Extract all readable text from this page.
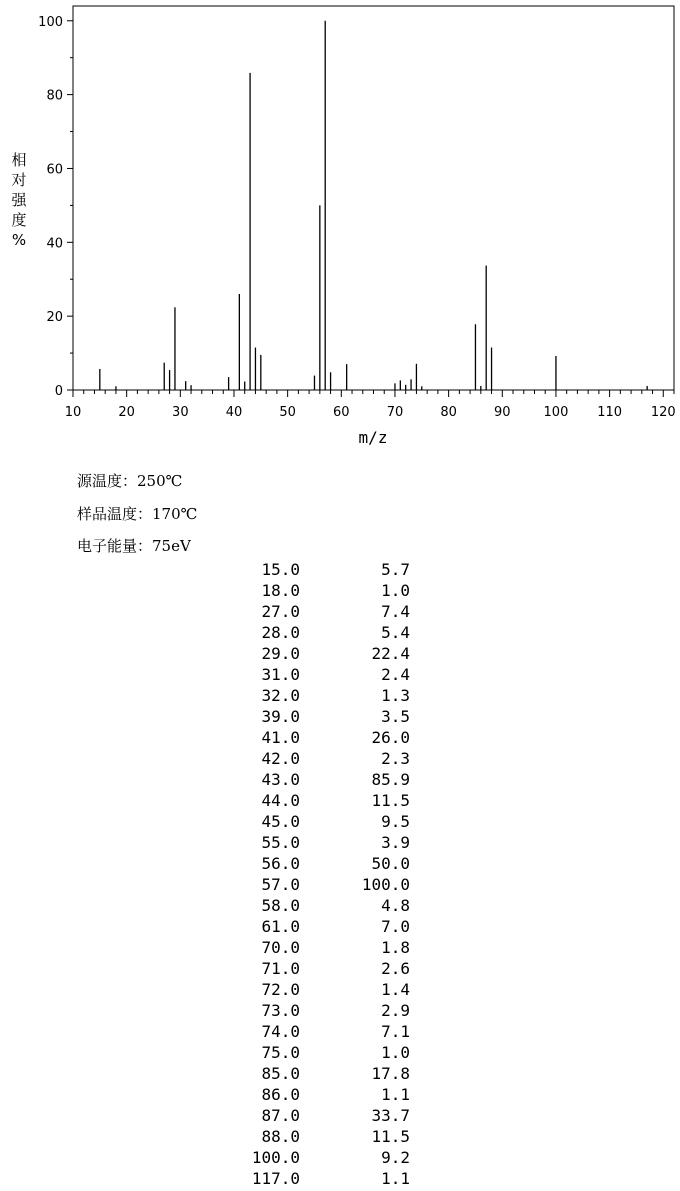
0
20
40
60
80
100
10	20	30	40	50	60	70	80	90	100 110 120
m/z
相对强度%
源温度：250℃
样品温度：170℃
电子能量：75eV
15.0	5.7
18.0	1.0
27.0	7.4
28.0	5.4
29.0	22.4
31.0	2.4
32.0	1.3
39.0	3.5
41.0	26.0
42.0	2.3
43.0	85.9
44.0	11.5
45.0	9.5
55.0	3.9
56.0	50.0
57.0	100.0
58.0	4.8
61.0	7.0
70.0	1.8
71.0	2.6
72.0	1.4
73.0	2.9
74.0	7.1
75.0	1.0
85.0	17.8
86.0	1.1
87.0	33.7
88.0	11.5
100.0	9.2
117.0	1.1
